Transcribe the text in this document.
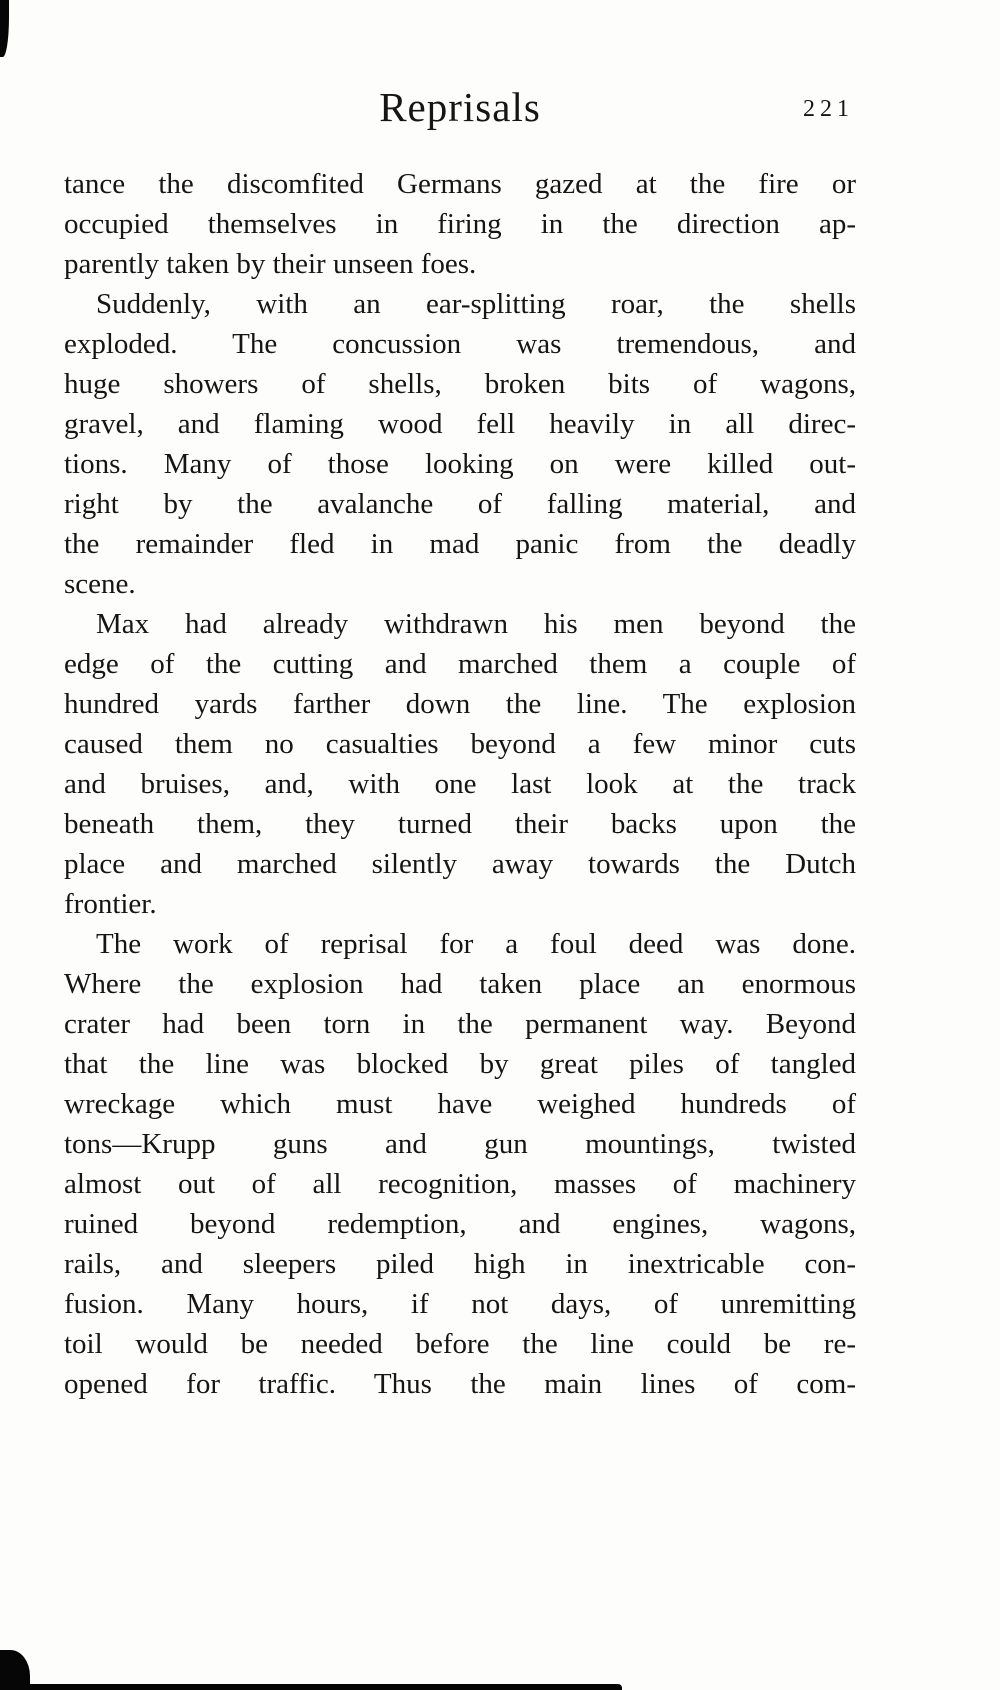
Reprisals	221
tance the discomfited Germans gazed at the fire or
occupied themselves in firing in the direction ap-
parently taken by their unseen foes.
Suddenly, with an ear-splitting roar, the shells
exploded. The concussion was tremendous, and
huge showers of shells, broken bits of wagons,
gravel, and flaming wood fell heavily in all direc-
tions. Many of those looking on were killed out-
right by the avalanche of falling material, and
the remainder fled in mad panic from the deadly
scene.
Max had already withdrawn his men beyond the
edge of the cutting and marched them a couple of
hundred yards farther down the line. The explosion
caused them no casualties beyond a few minor cuts
and bruises, and, with one last look at the track
beneath them, they turned their backs upon the
place and marched silently away towards the Dutch
frontier.
The work of reprisal for a foul deed was done.
Where the explosion had taken place an enormous
crater had been torn in the permanent way. Beyond
that the line was blocked by great piles of tangled
wreckage which must have weighed hundreds of
tons—Krupp guns and gun mountings, twisted
almost out of all recognition, masses of machinery
ruined beyond redemption, and engines, wagons,
rails, and sleepers piled high in inextricable con-
fusion. Many hours, if not days, of unremitting
toil would be needed before the line could be re-
opened for traffic. Thus the main lines of com-
